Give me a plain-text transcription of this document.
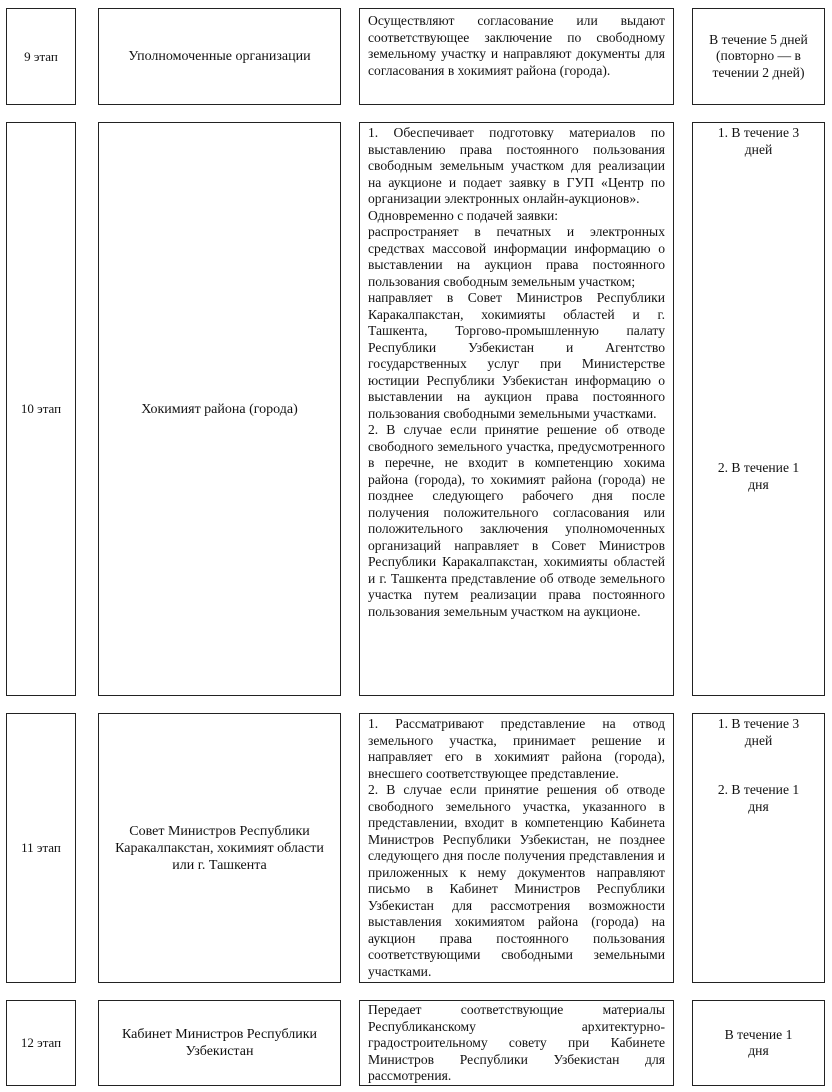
9 этап	Уполномоченные организации

Осуществляют согласование или выдают соответствующее заключение по свободному земельному участку и направляют документы для согласования в хокимият района (города).

В течение 5 дней (повторно — в течении 2 дней)
10 этап	Хокимият района (города)

1. Обеспечивает подготовку материалов по выставлению права постоянного пользования свободным земельным участком для реализации на аукционе и подает заявку в ГУП «Центр по организации электронных онлайн-аукционов».

Одновременно с подачей заявки:

распространяет в печатных и электронных средствах массовой информации информацию о выставлении на аукцион права постоянного пользования свободным земельным участком;

направляет в Совет Министров Республики Каракалпакстан, хокимияты областей и г. Ташкента, Торгово-промышленную палату Республики Узбекистан и Агентство государственных услуг при Министерстве юстиции Республики Узбекистан информацию о выставлении на аукцион права постоянного пользования свободными земельными участками.

2. В случае если принятие решение об отводе свободного земельного участка, предусмотренного в перечне, не входит в компетенцию хокима района (города), то хокимият района (города) не позднее следующего рабочего дня после получения положительного согласования или положительного заключения уполномоченных организаций направляет в Совет Министров Республики Каракалпакстан, хокимияты областей и г. Ташкента представление об отводе земельного участка путем реализации права постоянного пользования земельным участком на аукционе.

1. В течение 3 дней
2. В течение 1 дня
11 этап
Совет Министров Республики Каракалпакстан, хокимият области или г. Ташкента

1. Рассматривают представление на отвод земельного участка, принимает решение и направляет его в хокимият района (города), внесшего соответствующее представление.

2. В случае если принятие решения об отводе свободного земельного участка, указанного в представлении, входит в компетенцию Кабинета Министров Республики Узбекистан, не позднее следующего дня после получения представления и приложенных к нему документов направляют письмо в Кабинет Министров Республики Узбекистан для рассмотрения возможности выставления хокимиятом района (города) на аукцион права постоянного пользования соответствующими свободными земельными участками.

1. В течение 3 дней
2. В течение 1 дня
12 этап
Кабинет Министров Республики Узбекистан

Передает соответствующие материалы Республиканскому архитектурно-градостроительному совету при Кабинете Министров Республики Узбекистан для рассмотрения.

В течение 1 дня
